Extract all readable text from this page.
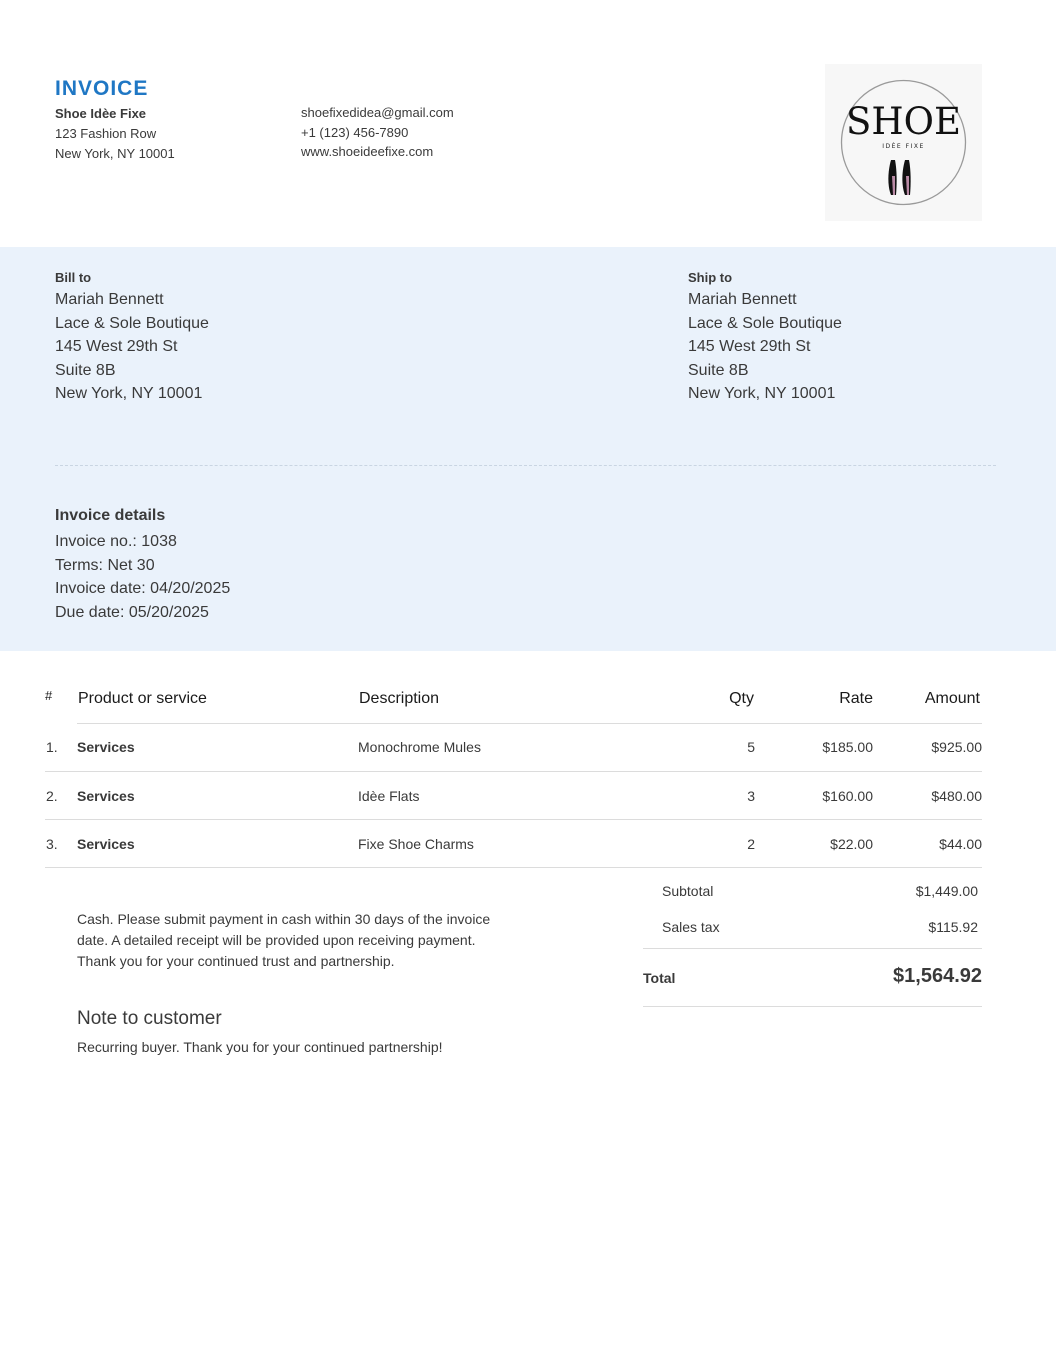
INVOICE
Shoe Idèe Fixe
123 Fashion Row
New York, NY 10001
shoefixedidea@gmail.com
+1 (123) 456-7890
www.shoeideefixe.com
SHOE
IDÈE FIXE
Bill to
Mariah Bennett
Lace & Sole Boutique
145 West 29th St
Suite 8B
New York, NY 10001
Ship to
Mariah Bennett
Lace & Sole Boutique
145 West 29th St
Suite 8B
New York, NY 10001
Invoice details
Invoice no.: 1038
Terms: Net 30
Invoice date: 04/20/2025
Due date: 05/20/2025
# Product or service	Description	Qty	Rate	Amount
1. Services	Monochrome Mules	5	$185.00	$925.00
2. Services	Idèe Flats	3	$160.00	$480.00
3. Services	Fixe Shoe Charms	2	$22.00	$44.00
Subtotal	$1,449.00
Sales tax	$115.92
Total	$1,564.92
Cash. Please submit payment in cash within 30 days of the invoice date. A detailed receipt will be provided upon receiving payment. Thank you for your continued trust and partnership.
Note to customer
Recurring buyer. Thank you for your continued partnership!
